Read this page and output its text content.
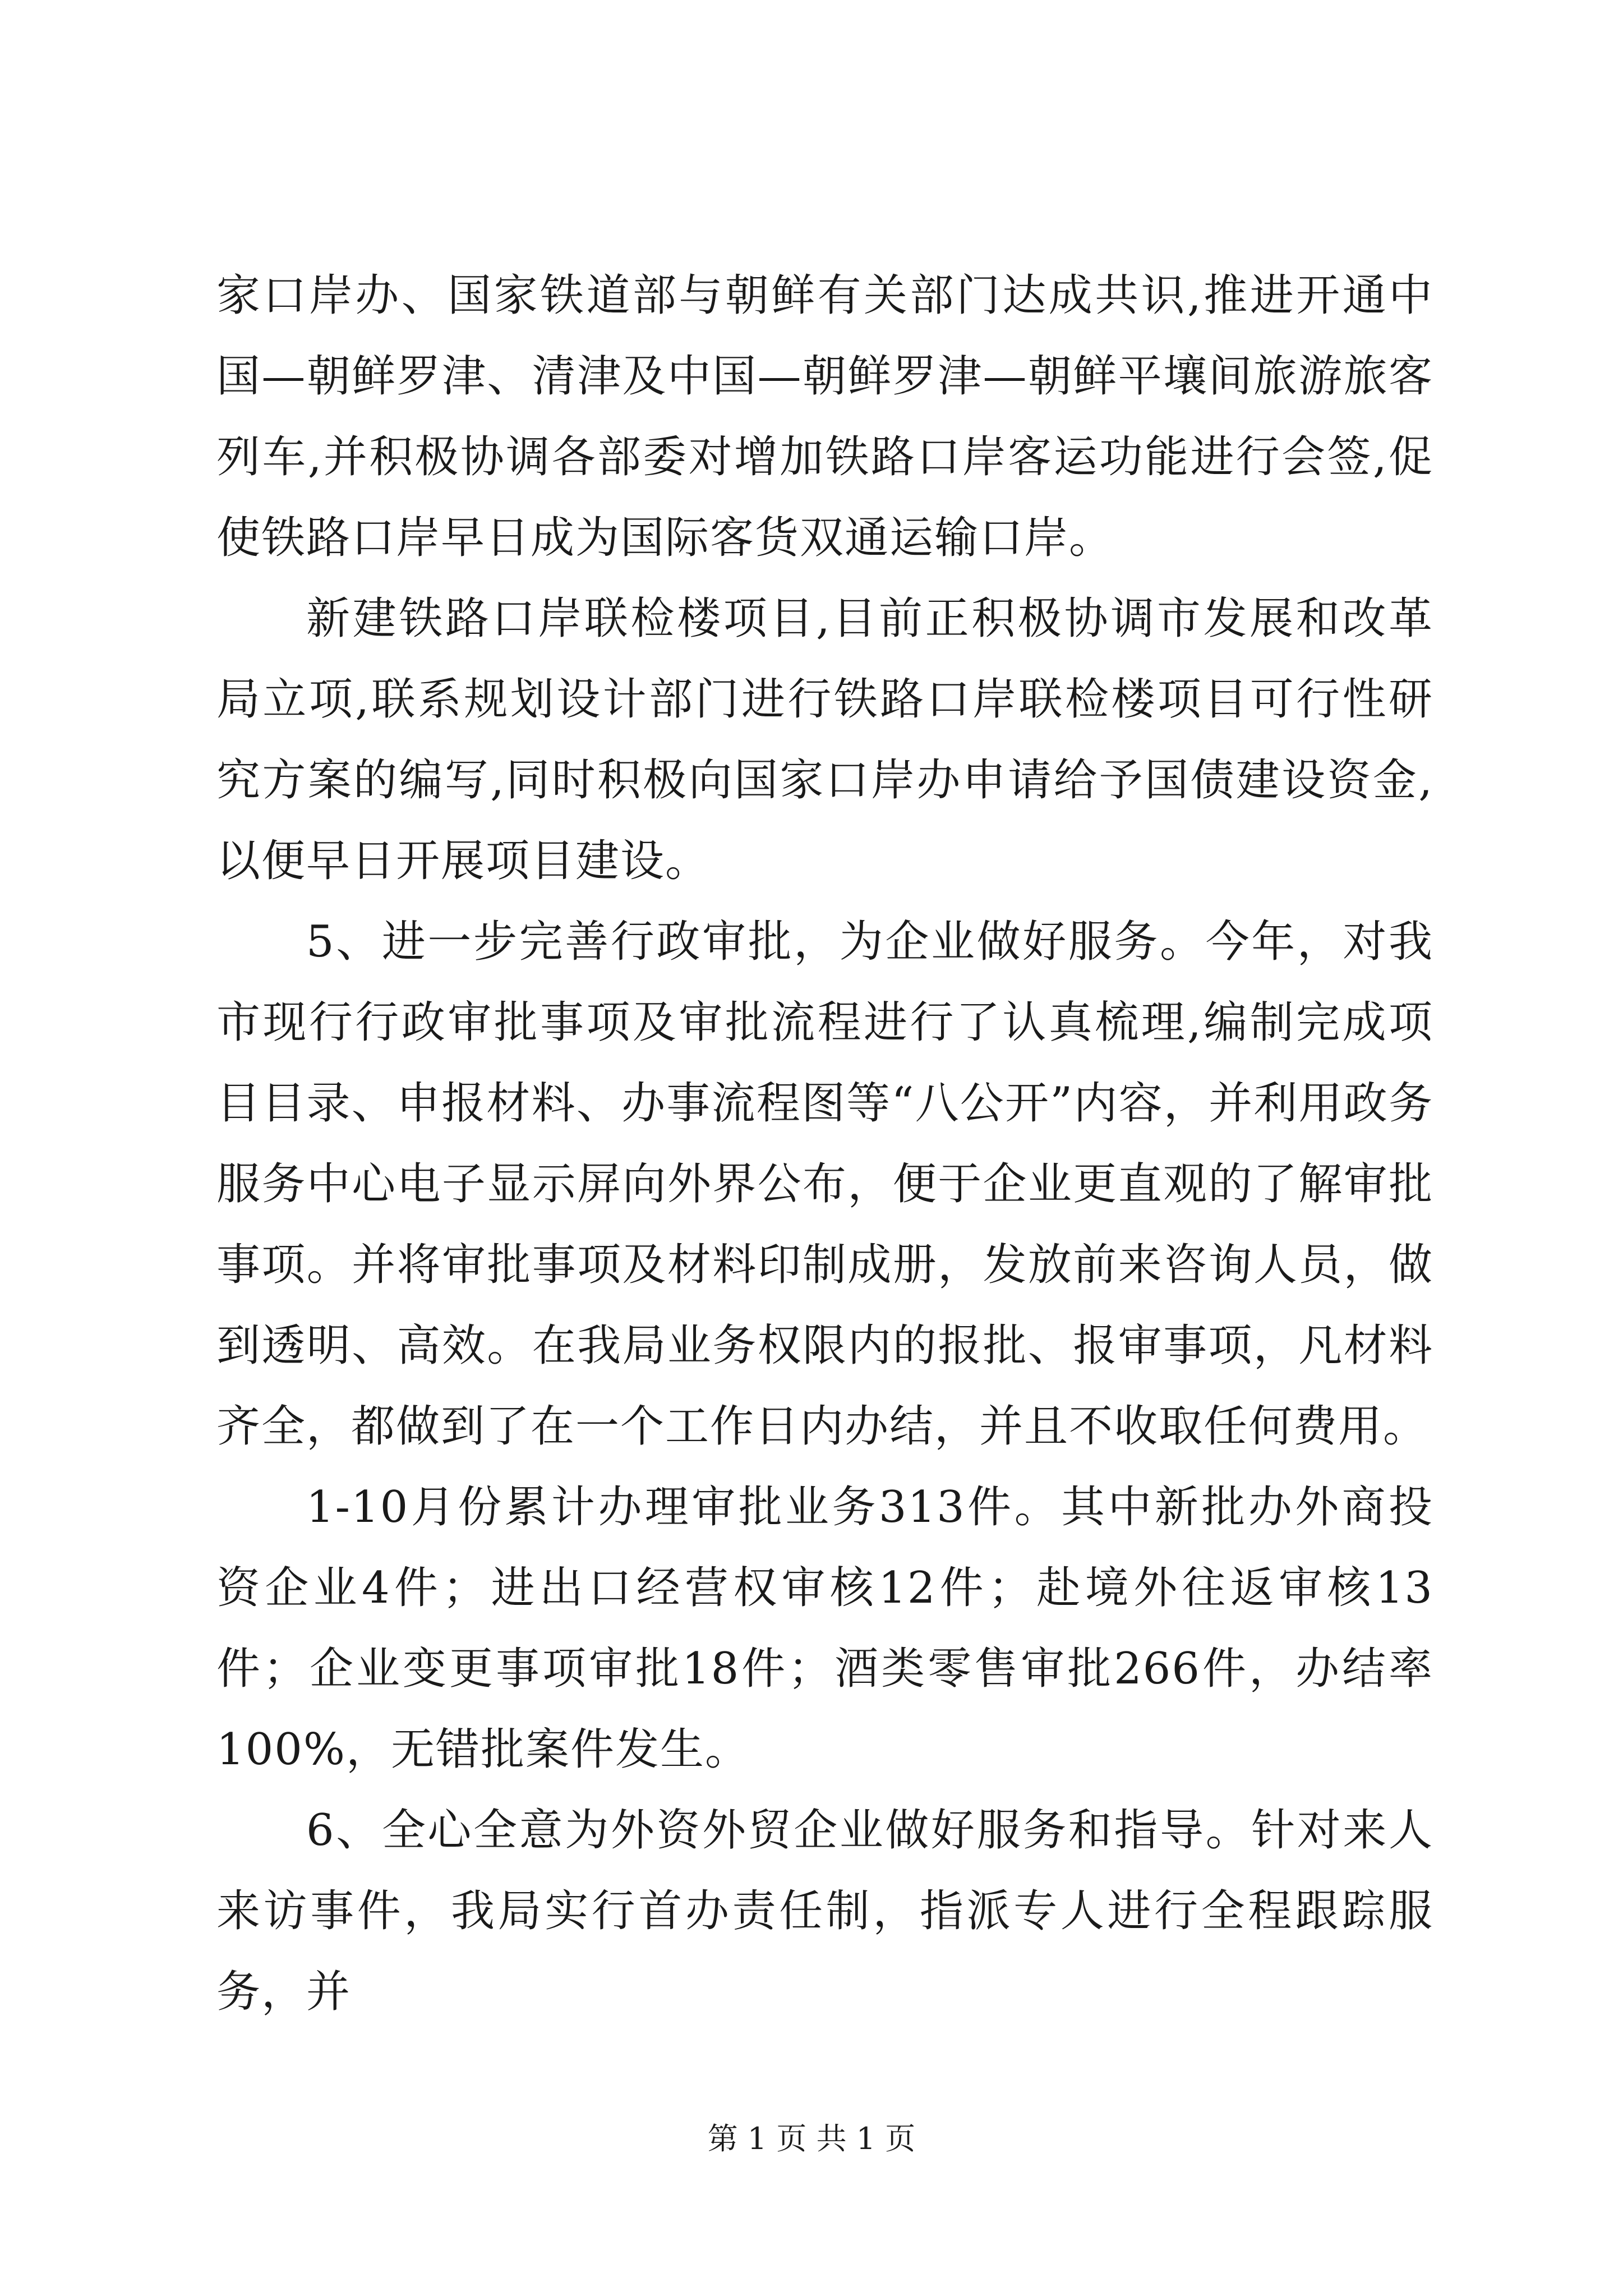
家口岸办、国家铁道部与朝鲜有关部门达成共识,推进开通中国—朝鲜罗津、清津及中国—朝鲜罗津—朝鲜平壤间旅游旅客列车,并积极协调各部委对增加铁路口岸客运功能进行会签,促使铁路口岸早日成为国际客货双通运输口岸。

新建铁路口岸联检楼项目,目前正积极协调市发展和改革局立项,联系规划设计部门进行铁路口岸联检楼项目可行性研究方案的编写,同时积极向国家口岸办申请给予国债建设资金,以便早日开展项目建设。

5、进一步完善行政审批，为企业做好服务。今年，对我市现行行政审批事项及审批流程进行了认真梳理,编制完成项目目录、申报材料、办事流程图等“八公开”内容，并利用政务服务中心电子显示屏向外界公布，便于企业更直观的了解审批事项。并将审批事项及材料印制成册，发放前来咨询人员，做到透明、高效。在我局业务权限内的报批、报审事项，凡材料齐全，都做到了在一个工作日内办结，并且不收取任何费用。

1-10月份累计办理审批业务313件。其中新批办外商投资企业4件；进出口经营权审核12件；赴境外往返审核13件；企业变更事项审批18件；酒类零售审批266件，办结率100%，无错批案件发生。

6、全心全意为外资外贸企业做好服务和指导。针对来人来访事件，我局实行首办责任制，指派专人进行全程跟踪服务，并

第 1 页 共 1 页
